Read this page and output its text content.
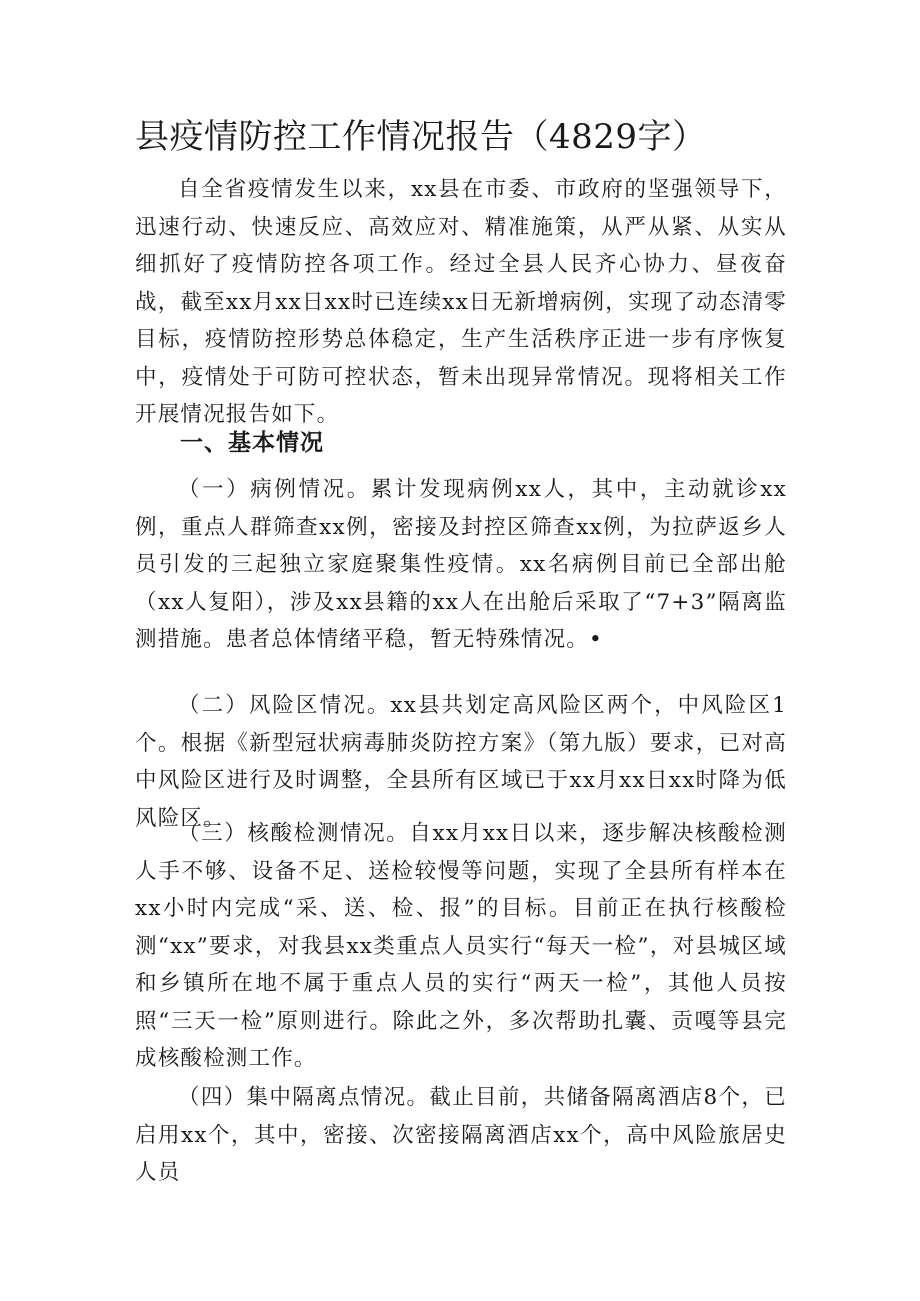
县疫情防控工作情况报告（4829字）

自全省疫情发生以来，xx县在市委、市政府的坚强领导下，迅速行动、快速反应、高效应对、精准施策，从严从紧、从实从细抓好了疫情防控各项工作。经过全县人民齐心协力、昼夜奋战，截至xx月xx日xx时已连续xx日无新增病例，实现了动态清零目标，疫情防控形势总体稳定，生产生活秩序正进一步有序恢复中，疫情处于可防可控状态，暂未出现异常情况。现将相关工作开展情况报告如下。

一、基本情况

（一）病例情况。累计发现病例xx人，其中，主动就诊xx例，重点人群筛查xx例，密接及封控区筛查xx例，为拉萨返乡人员引发的三起独立家庭聚集性疫情。xx名病例目前已全部出舱（xx人复阳），涉及xx县籍的xx人在出舱后采取了“7+3”隔离监测措施。患者总体情绪平稳，暂无特殊情况。•

（二）风险区情况。xx县共划定高风险区两个，中风险区1个。根据《新型冠状病毒肺炎防控方案》（第九版）要求，已对高中风险区进行及时调整，全县所有区域已于xx月xx日xx时降为低风险区。

（三）核酸检测情况。自xx月xx日以来，逐步解决核酸检测人手不够、设备不足、送检较慢等问题，实现了全县所有样本在xx小时内完成“采、送、检、报”的目标。目前正在执行核酸检测“xx”要求，对我县xx类重点人员实行“每天一检”，对县城区域和乡镇所在地不属于重点人员的实行“两天一检”，其他人员按照“三天一检”原则进行。除此之外，多次帮助扎囊、贡嘎等县完成核酸检测工作。

（四）集中隔离点情况。截止目前，共储备隔离酒店8个，已启用xx个，其中，密接、次密接隔离酒店xx个，高中风险旅居史人员
